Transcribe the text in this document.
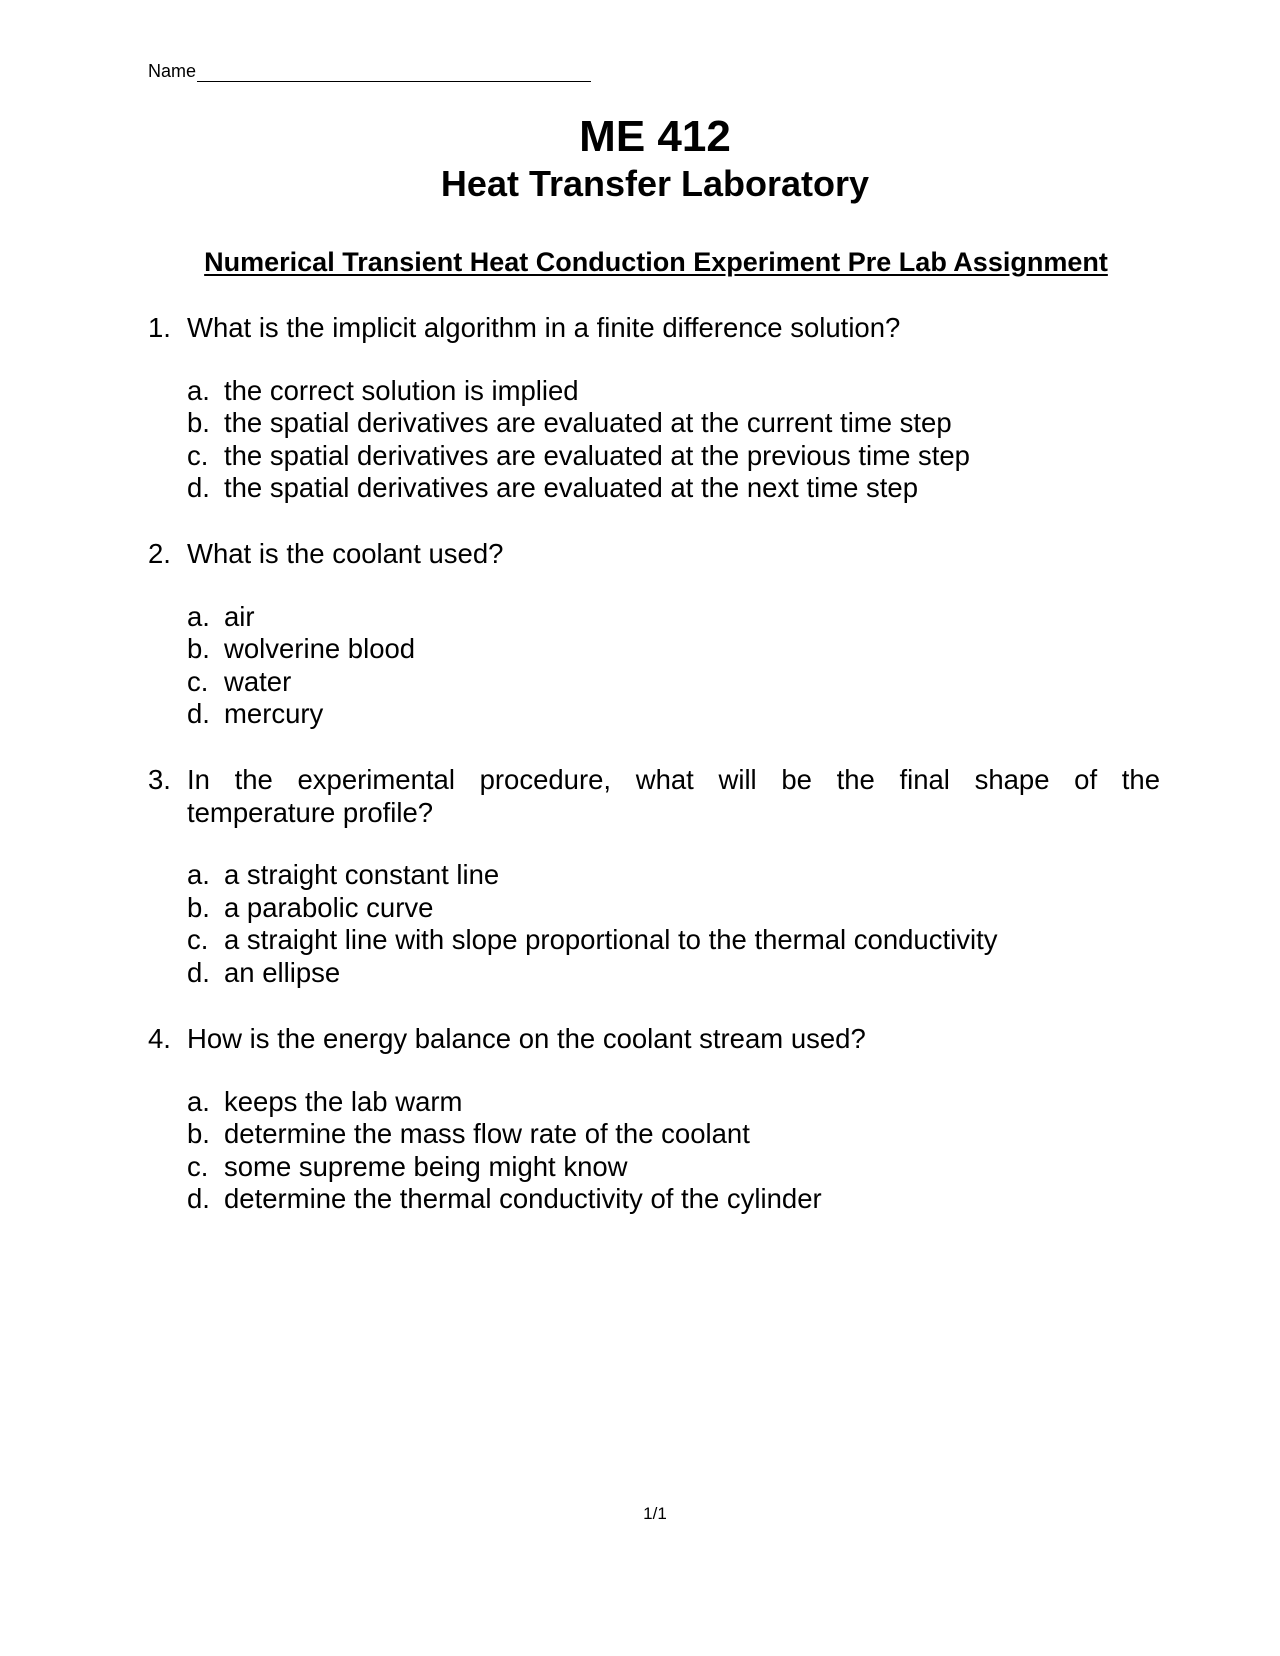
Name
ME 412
Heat Transfer Laboratory
Numerical Transient Heat Conduction Experiment Pre Lab Assignment
1. What is the implicit algorithm in a finite difference solution?
a. the correct solution is implied
b. the spatial derivatives are evaluated at the current time step
c. the spatial derivatives are evaluated at the previous time step
d. the spatial derivatives are evaluated at the next time step
2. What is the coolant used?
a. air
b. wolverine blood
c. water
d. mercury
3. In the experimental procedure, what will be the final shape of the
temperature profile?
a. a straight constant line
b. a parabolic curve
c. a straight line with slope proportional to the thermal conductivity
d. an ellipse
4. How is the energy balance on the coolant stream used?
a. keeps the lab warm
b. determine the mass flow rate of the coolant
c. some supreme being might know
d. determine the thermal conductivity of the cylinder
1/1
